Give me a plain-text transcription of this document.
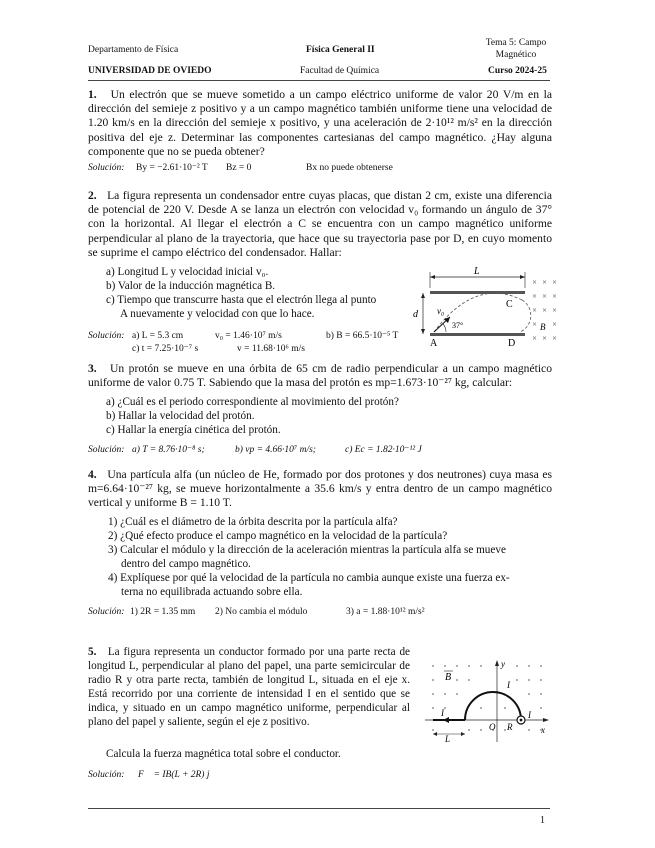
Departamento de Física	Física General II
Tema 5: Campo
Magnético
UNIVERSIDAD DE OVIEDO	Facultad de Química	Curso 2024-25
1. Un electrón que se mueve sometido a un campo eléctrico uniforme de valor 20 V/m en la dirección del semieje z positivo y a un campo magnético también uniforme tiene una velocidad de 1.20 km/s en la dirección del semieje x positivo, y una aceleración de 2·10¹² m/s² en la dirección positiva del eje z. Determinar las componentes cartesianas del campo magnético. ¿Hay alguna componente que no se pueda obtener?
Solución: By = −2.61·10⁻² T Bz = 0	Bx no puede obtenerse
2. La figura representa un condensador entre cuyas placas, que distan 2 cm, existe una diferencia de potencial de 220 V. Desde A se lanza un electrón con velocidad v₀ formando un ángulo de 37° con la horizontal. Al llegar el electrón a C se encuentra con un campo magnético uniforme perpendicular al plano de la trayectoria, que hace que su trayectoria pase por D, en cuyo momento se suprime el campo eléctrico del condensador. Hallar:
a) Longitud L y velocidad inicial v₀.
b) Valor de la inducción magnética B.
c) Tiempo que transcurre hasta que el electrón llega al punto
A nuevamente y velocidad con que lo hace.
Solución: a) L = 5.3 cm	v₀ = 1.46·10⁷ m/s	b) B = 66.5·10⁻⁵ T
c) t = 7.25·10⁻⁷ s	v = 11.68·10⁶ m/s
L
d v₀
37°
A
C
D
× × ×
× × ×
× × ×
× ×
× × ×
B
3. Un protón se mueve en una órbita de 65 cm de radio perpendicular a un campo magnético uniforme de valor 0.75 T. Sabiendo que la masa del protón es mp=1.673·10⁻²⁷ kg, calcular:
a) ¿Cuál es el periodo correspondiente al movimiento del protón?
b) Hallar la velocidad del protón.
c) Hallar la energía cinética del protón.
Solución: a) T = 8.76·10⁻⁸ s;	b) vp = 4.66·10⁷ m/s;	c) Ec = 1.82·10⁻¹² J
4. Una partícula alfa (un núcleo de He, formado por dos protones y dos neutrones) cuya masa es m=6.64·10⁻²⁷ kg, se mueve horizontalmente a 35.6 km/s y entra dentro de un campo magnético vertical y uniforme B = 1.10 T.
1) ¿Cuál es el diámetro de la órbita descrita por la partícula alfa?
2) ¿Qué efecto produce el campo magnético en la velocidad de la partícula?
3) Calcular el módulo y la dirección de la aceleración mientras la partícula alfa se mueve
dentro del campo magnético.
4) Explíquese por qué la velocidad de la partícula no cambia aunque existe una fuerza ex-
terna no equilibrada actuando sobre ella.
Solución: 1) 2R = 1.35 mm 2) No cambia el módulo	3) a = 1.88·10¹² m/s²
5. La figura representa un conductor formado por una parte recta de longitud L, perpendicular al plano del papel, una parte semicircular de radio R y otra parte recta, también de longitud L, situada en el eje x. Está recorrido por una corriente de intensidad I en el sentido que se indica, y situado en un campo magnético uniforme, perpendicular al plano del papel y saliente, según el eje z positivo.
Calcula la fuerza magnética total sobre el conductor.
Solución: F⃗ = IB(L + 2R) j⃗
y
x
I
I
I
B
O R
L
1
